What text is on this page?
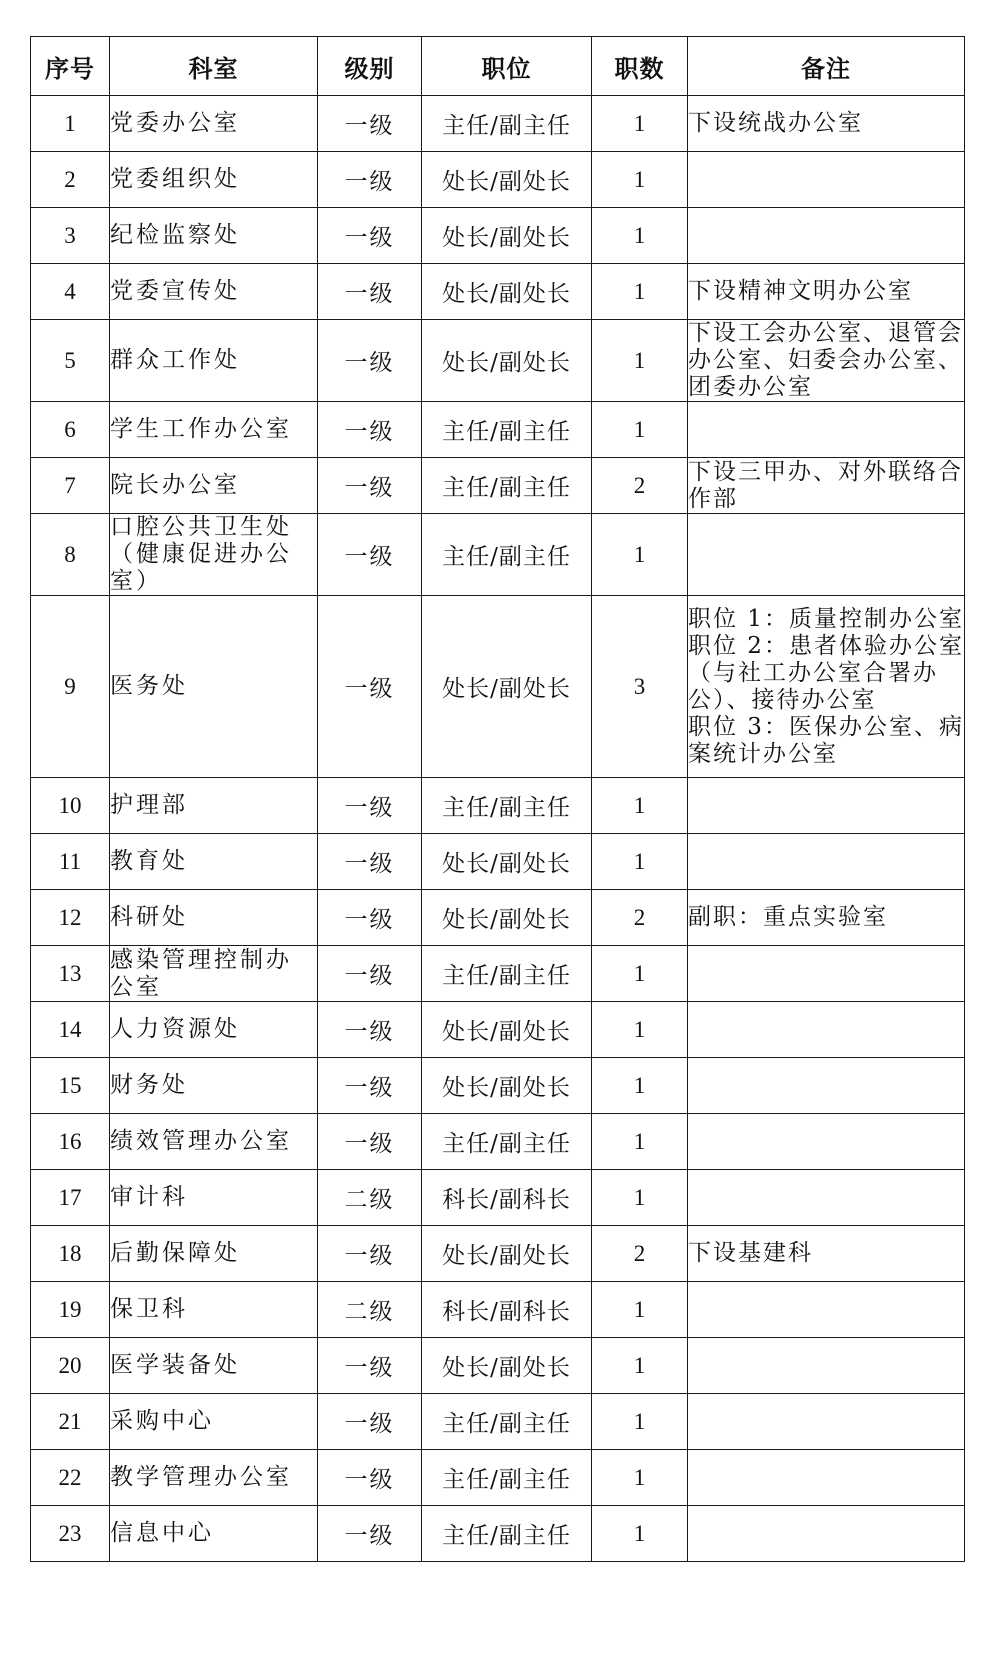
序号	科室	级别	职位	职数	备注
1	党委办公室	一级	主任/副主任	1	下设统战办公室
2	党委组织处	一级	处长/副处长	1	
3	纪检监察处	一级	处长/副处长	1	
4	党委宣传处	一级	处长/副处长	1	下设精神文明办公室
5	群众工作处	一级	处长/副处长	1	下设工会办公室、退管会办公室、妇委会办公室、团委办公室
6	学生工作办公室	一级	主任/副主任	1	
7	院长办公室	一级	主任/副主任	2	下设三甲办、对外联络合作部
8	口腔公共卫生处（健康促进办公室）	一级	主任/副主任	1	
9	医务处	一级	处长/副处长	3	职位 1：质量控制办公室
职位 2：患者体验办公室（与社工办公室合署办公）、接待办公室
职位 3：医保办公室、病案统计办公室
10	护理部	一级	主任/副主任	1	
11	教育处	一级	处长/副处长	1	
12	科研处	一级	处长/副处长	2	副职：重点实验室
13	感染管理控制办公室	一级	主任/副主任	1	
14	人力资源处	一级	处长/副处长	1	
15	财务处	一级	处长/副处长	1	
16	绩效管理办公室	一级	主任/副主任	1	
17	审计科	二级	科长/副科长	1	
18	后勤保障处	一级	处长/副处长	2	下设基建科
19	保卫科	二级	科长/副科长	1	
20	医学装备处	一级	处长/副处长	1	
21	采购中心	一级	主任/副主任	1	
22	教学管理办公室	一级	主任/副主任	1	
23	信息中心	一级	主任/副主任	1	
